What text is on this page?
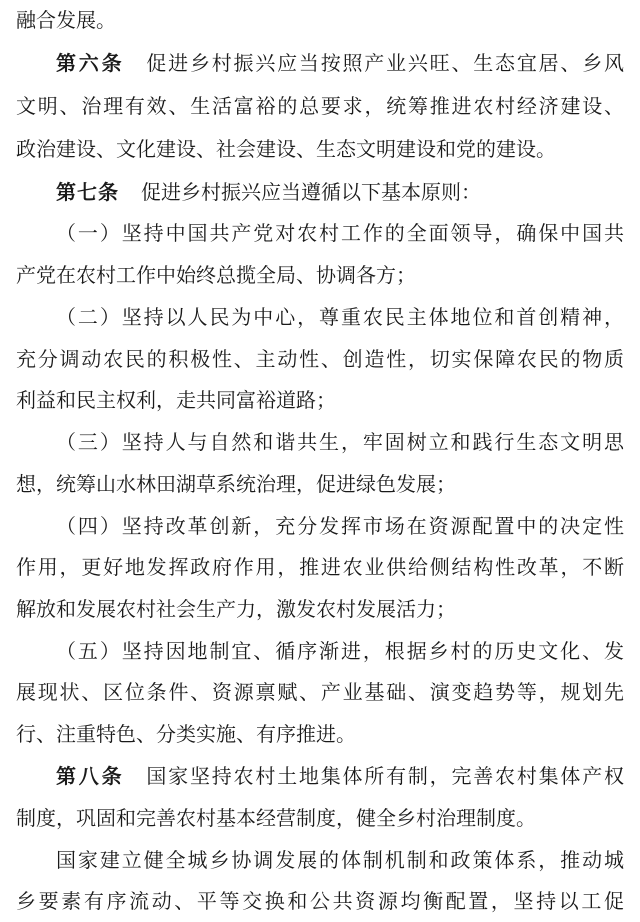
融合发展。
第六条 促进乡村振兴应当按照产业兴旺、生态宜居、乡风
文明、治理有效、生活富裕的总要求，统筹推进农村经济建设、
政治建设、文化建设、社会建设、生态文明建设和党的建设。
第七条 促进乡村振兴应当遵循以下基本原则：
（一）坚持中国共产党对农村工作的全面领导，确保中国共
产党在农村工作中始终总揽全局、协调各方；
（二）坚持以人民为中心，尊重农民主体地位和首创精神，
充分调动农民的积极性、主动性、创造性，切实保障农民的物质
利益和民主权利，走共同富裕道路；
（三）坚持人与自然和谐共生，牢固树立和践行生态文明思
想，统筹山水林田湖草系统治理，促进绿色发展；
（四）坚持改革创新，充分发挥市场在资源配置中的决定性
作用，更好地发挥政府作用，推进农业供给侧结构性改革，不断
解放和发展农村社会生产力，激发农村发展活力；
（五）坚持因地制宜、循序渐进，根据乡村的历史文化、发
展现状、区位条件、资源禀赋、产业基础、演变趋势等，规划先
行、注重特色、分类实施、有序推进。
第八条 国家坚持农村土地集体所有制，完善农村集体产权
制度，巩固和完善农村基本经营制度，健全乡村治理制度。
国家建立健全城乡协调发展的体制机制和政策体系，推动城
乡要素有序流动、平等交换和公共资源均衡配置，坚持以工促
